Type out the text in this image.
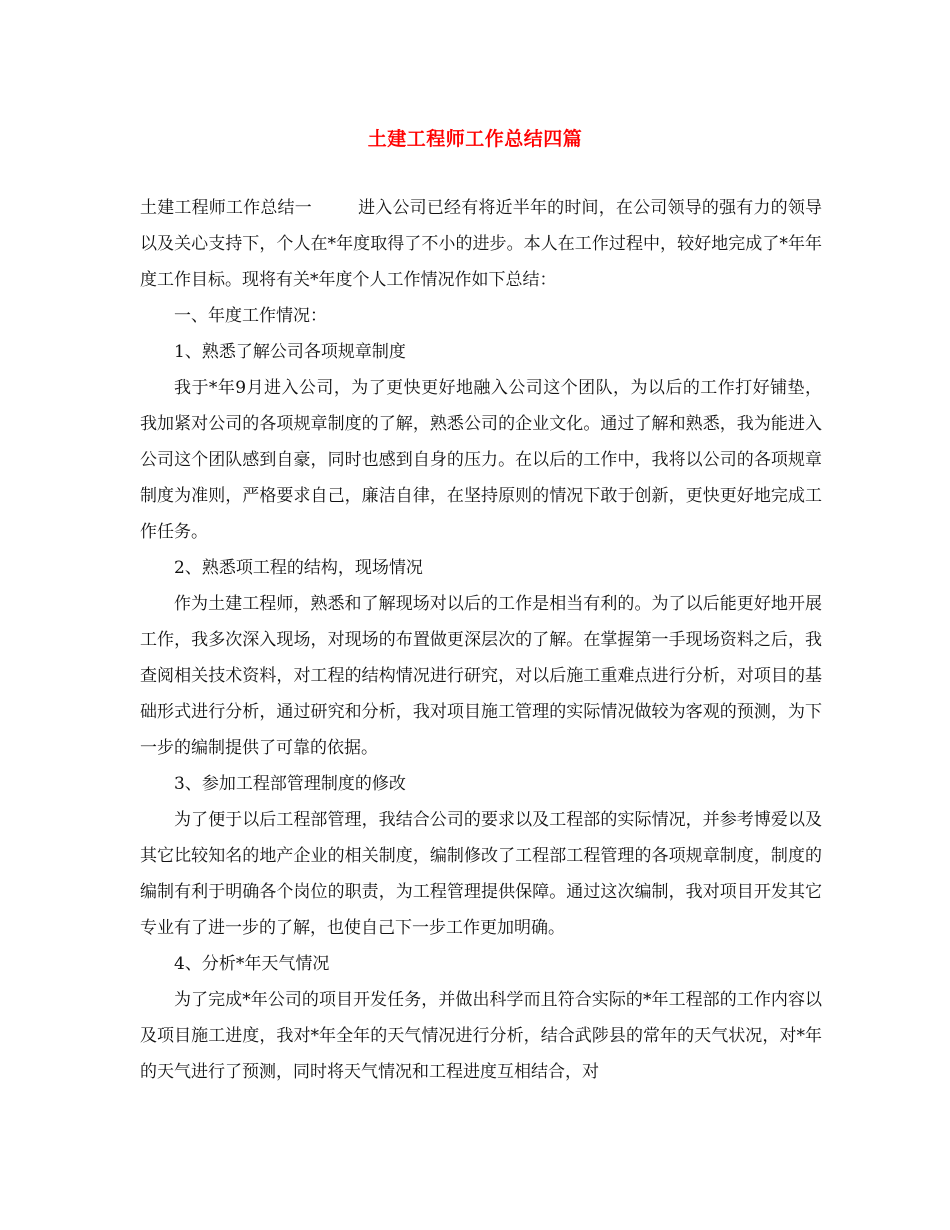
土建工程师工作总结四篇

土建工程师工作总结一	进入公司已经有将近半年的时间，在公司领导的强有力的领导以及关心支持下，个人在*年度取得了不小的进步。本人在工作过程中，较好地完成了*年年度工作目标。现将有关*年度个人工作情况作如下总结：

一、年度工作情况：

1、熟悉了解公司各项规章制度

我于*年9月进入公司，为了更快更好地融入公司这个团队，为以后的工作打好铺垫，我加紧对公司的各项规章制度的了解，熟悉公司的企业文化。通过了解和熟悉，我为能进入公司这个团队感到自豪，同时也感到自身的压力。在以后的工作中，我将以公司的各项规章制度为准则，严格要求自己，廉洁自律，在坚持原则的情况下敢于创新，更快更好地完成工作任务。

2、熟悉项工程的结构，现场情况

作为土建工程师，熟悉和了解现场对以后的工作是相当有利的。为了以后能更好地开展工作，我多次深入现场，对现场的布置做更深层次的了解。在掌握第一手现场资料之后，我查阅相关技术资料，对工程的结构情况进行研究，对以后施工重难点进行分析，对项目的基础形式进行分析，通过研究和分析，我对项目施工管理的实际情况做较为客观的预测，为下一步的编制提供了可靠的依据。

3、参加工程部管理制度的修改

为了便于以后工程部管理，我结合公司的要求以及工程部的实际情况，并参考博爱以及其它比较知名的地产企业的相关制度，编制修改了工程部工程管理的各项规章制度，制度的编制有利于明确各个岗位的职责，为工程管理提供保障。通过这次编制，我对项目开发其它专业有了进一步的了解，也使自己下一步工作更加明确。

4、分析*年天气情况

为了完成*年公司的项目开发任务，并做出科学而且符合实际的*年工程部的工作内容以及项目施工进度，我对*年全年的天气情况进行分析，结合武陟县的常年的天气状况，对*年的天气进行了预测，同时将天气情况和工程进度互相结合，对
